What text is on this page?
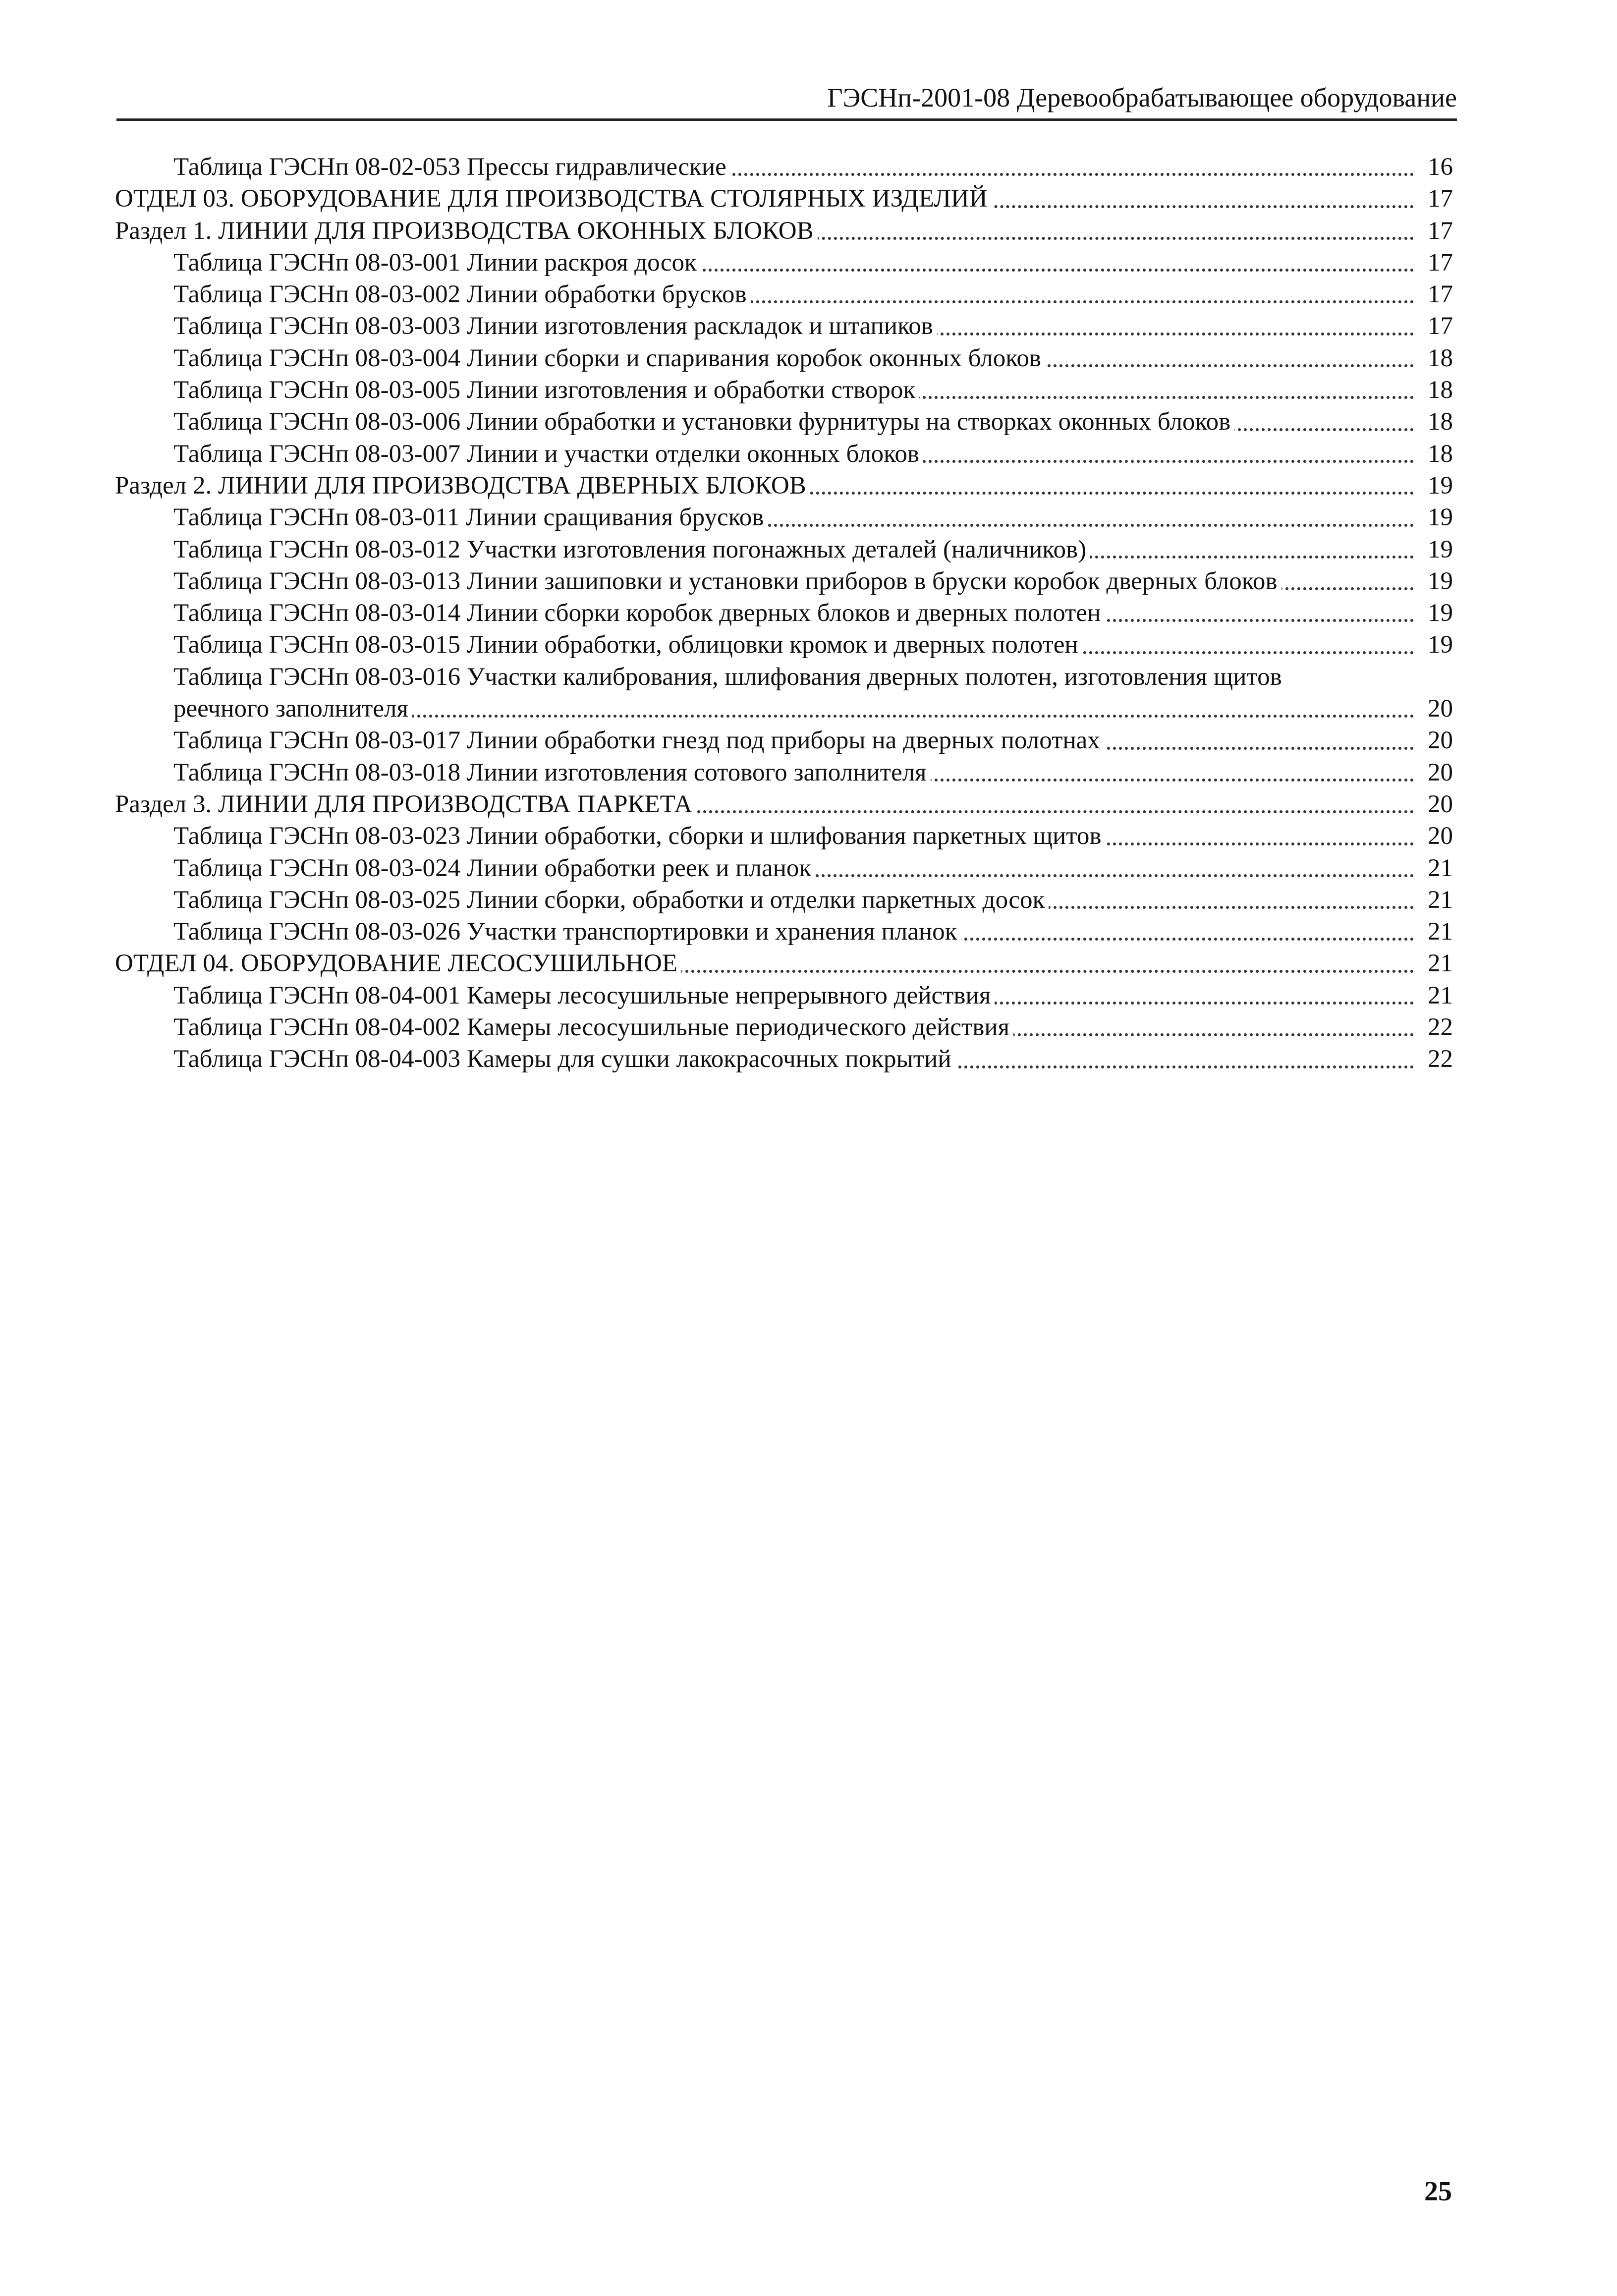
ГЭСНп-2001-08 Деревообрабатывающее оборудование
Таблица ГЭСНп 08-02-053 Прессы гидравлические	16
ОТДЕЛ 03. ОБОРУДОВАНИЕ ДЛЯ ПРОИЗВОДСТВА СТОЛЯРНЫХ ИЗДЕЛИЙ	17
Раздел 1. ЛИНИИ ДЛЯ ПРОИЗВОДСТВА ОКОННЫХ БЛОКОВ	17
Таблица ГЭСНп 08-03-001 Линии раскроя досок	17
Таблица ГЭСНп 08-03-002 Линии обработки брусков	17
Таблица ГЭСНп 08-03-003 Линии изготовления раскладок и штапиков	17
Таблица ГЭСНп 08-03-004 Линии сборки и спаривания коробок оконных блоков	18
Таблица ГЭСНп 08-03-005 Линии изготовления и обработки створок	18
Таблица ГЭСНп 08-03-006 Линии обработки и установки фурнитуры на створках оконных блоков	18
Таблица ГЭСНп 08-03-007 Линии и участки отделки оконных блоков	18
Раздел 2. ЛИНИИ ДЛЯ ПРОИЗВОДСТВА ДВЕРНЫХ БЛОКОВ	19
Таблица ГЭСНп 08-03-011 Линии сращивания брусков	19
Таблица ГЭСНп 08-03-012 Участки изготовления погонажных деталей (наличников)	19
Таблица ГЭСНп 08-03-013 Линии зашиповки и установки приборов в бруски коробок дверных блоков	19
Таблица ГЭСНп 08-03-014 Линии сборки коробок дверных блоков и дверных полотен	19
Таблица ГЭСНп 08-03-015 Линии обработки, облицовки кромок и дверных полотен	19
Таблица ГЭСНп 08-03-016 Участки калибрования, шлифования дверных полотен, изготовления щитов
реечного заполнителя	20
Таблица ГЭСНп 08-03-017 Линии обработки гнезд под приборы на дверных полотнах	20
Таблица ГЭСНп 08-03-018 Линии изготовления сотового заполнителя	20
Раздел 3. ЛИНИИ ДЛЯ ПРОИЗВОДСТВА ПАРКЕТА	20
Таблица ГЭСНп 08-03-023 Линии обработки, сборки и шлифования паркетных щитов	20
Таблица ГЭСНп 08-03-024 Линии обработки реек и планок	21
Таблица ГЭСНп 08-03-025 Линии сборки, обработки и отделки паркетных досок	21
Таблица ГЭСНп 08-03-026 Участки транспортировки и хранения планок	21
ОТДЕЛ 04. ОБОРУДОВАНИЕ ЛЕСОСУШИЛЬНОЕ	21
Таблица ГЭСНп 08-04-001 Камеры лесосушильные непрерывного действия	21
Таблица ГЭСНп 08-04-002 Камеры лесосушильные периодического действия	22
Таблица ГЭСНп 08-04-003 Камеры для сушки лакокрасочных покрытий	22
25
